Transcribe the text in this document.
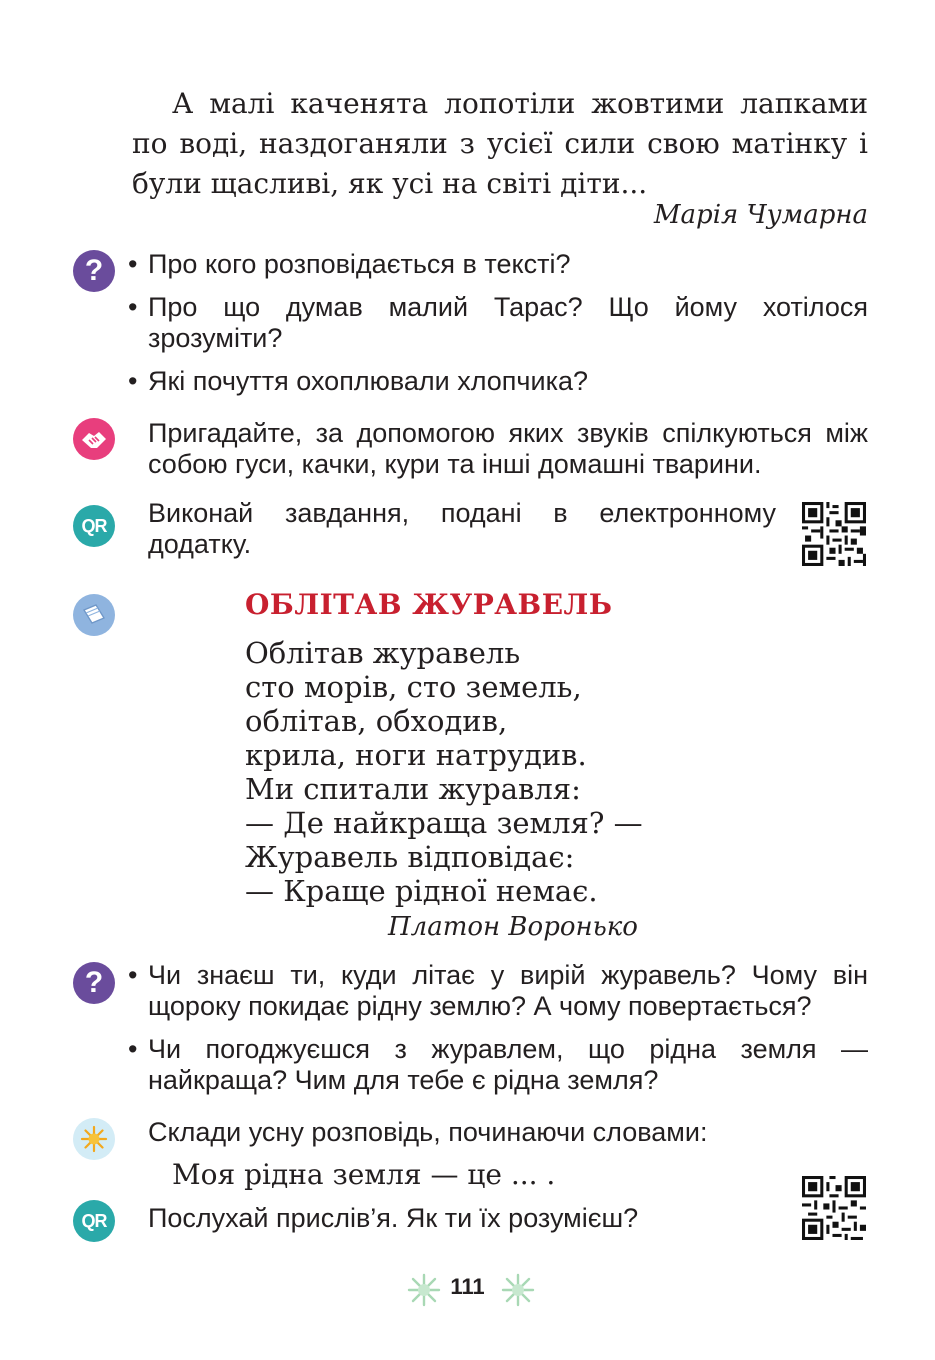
А малі каченята лопотіли жовтими лапками по воді, наздоганяли з усієї сили свою матінку і були щасливі, як усі на світі діти...

Марія Чумарна
?	• Про кого розповідається в тексті?
• Про що думав малий Тарас? Що йому хотілося зрозуміти?
• Які почуття охоплювали хлопчика?
Пригадайте, за допомогою яких звуків спілкуються між собою гуси, качки, кури та інші домашні тварини.
QR Виконай завдання, подані в електронному додатку.
ОБЛІТАВ ЖУРАВЕЛЬ
Облітав журавель
сто морів, сто земель,
облітав, обходив,
крила, ноги натрудив.
Ми спитали журавля:
— Де найкраща земля? —
Журавель відповідає:
— Краще рідної немає.
Платон Воронько
?	• Чи знаєш ти, куди літає у вирій журавель? Чому він щороку покидає рідну землю? А чому повертається?
• Чи погоджуєшся з журавлем, що рідна земля — найкраща? Чим для тебе є рідна земля?
Склади усну розповідь, починаючи словами:
Моя рідна земля — це ... .
QR Послухай прислів’я. Як ти їх розумієш?
111
